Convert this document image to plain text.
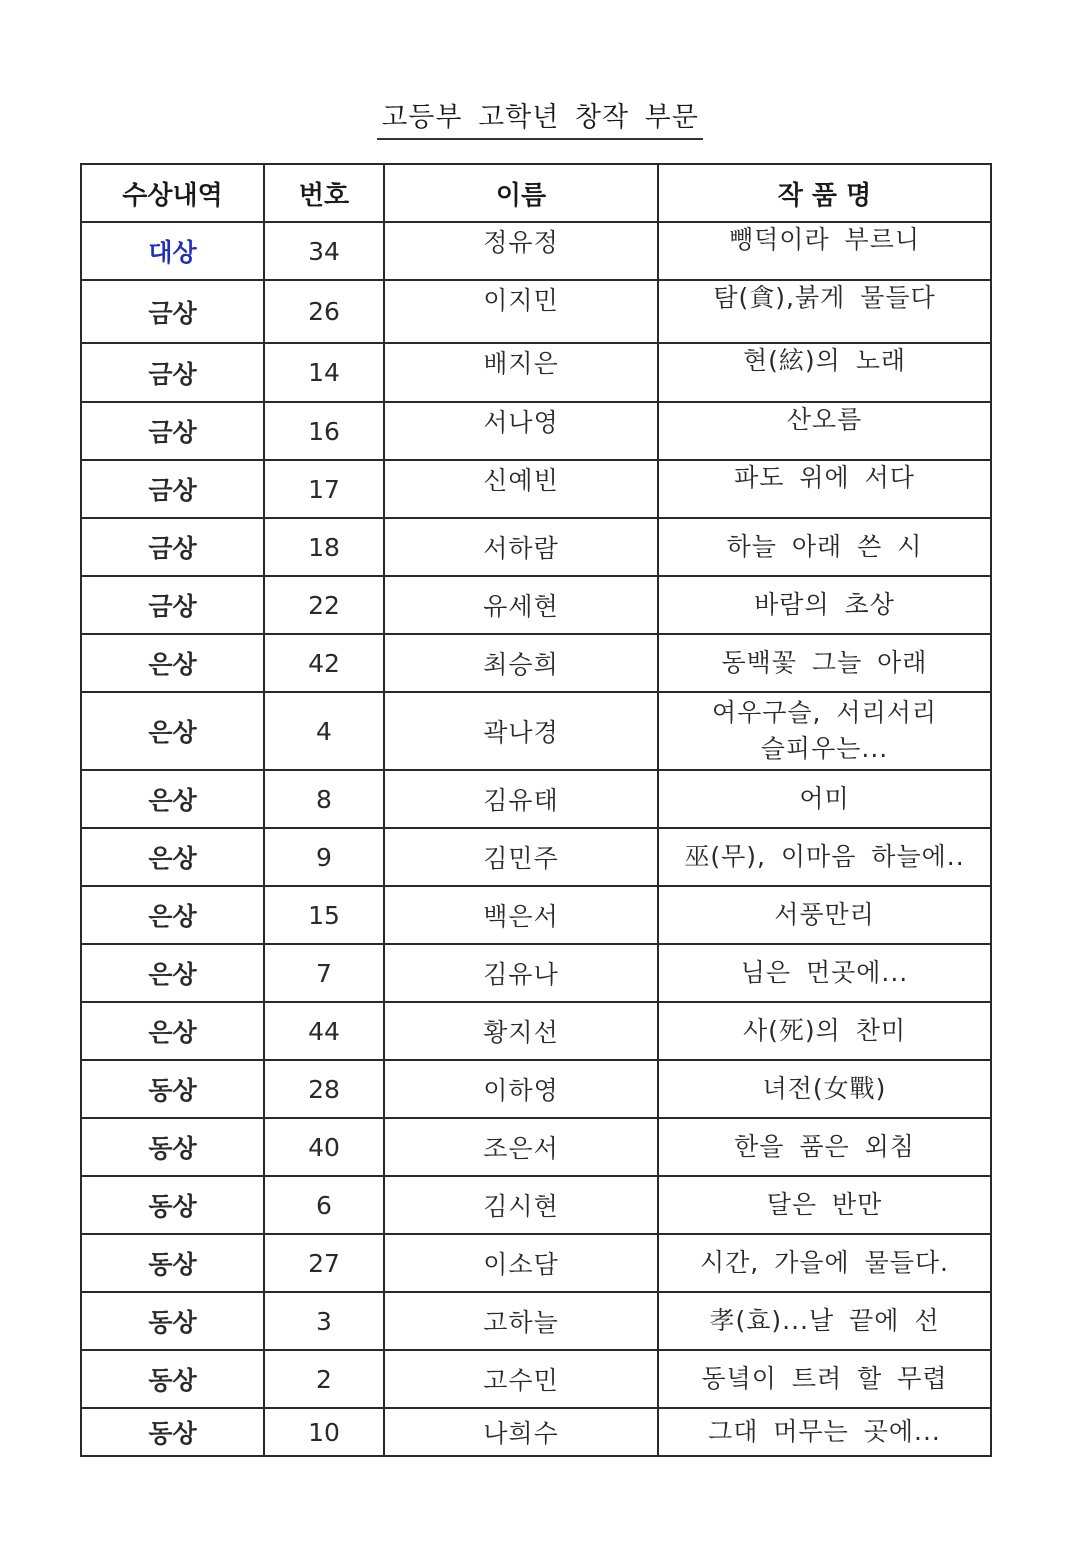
고등부 고학년 창작 부문
수상내역	번호	이름	작 품 명
대상	34	정유정	뺑덕이라 부르니
금상	26	이지민	탐(貪),붉게 물들다
금상	14	배지은	현(絃)의 노래
금상	16	서나영	산오름
금상	17	신예빈	파도 위에 서다
금상	18	서하람	하늘 아래 쓴 시
금상	22	유세현	바람의 초상
은상	42	최승희	동백꽃 그늘 아래
은상	4	곽나경	여우구슬, 서리서리 슬피우는...
은상	8	김유태	어미
은상	9	김민주	巫(무), 이마음 하늘에..
은상	15	백은서	서풍만리
은상	7	김유나	님은 먼곳에...
은상	44	황지선	사(死)의 찬미
동상	28	이하영	녀전(女戰)
동상	40	조은서	한을 품은 외침
동상	6	김시현	달은 반만
동상	27	이소담	시간, 가을에 물들다.
동상	3	고하늘	孝(효)...날 끝에 선
동상	2	고수민	동녘이 트려 할 무렵
동상	10	나희수	그대 머무는 곳에...
